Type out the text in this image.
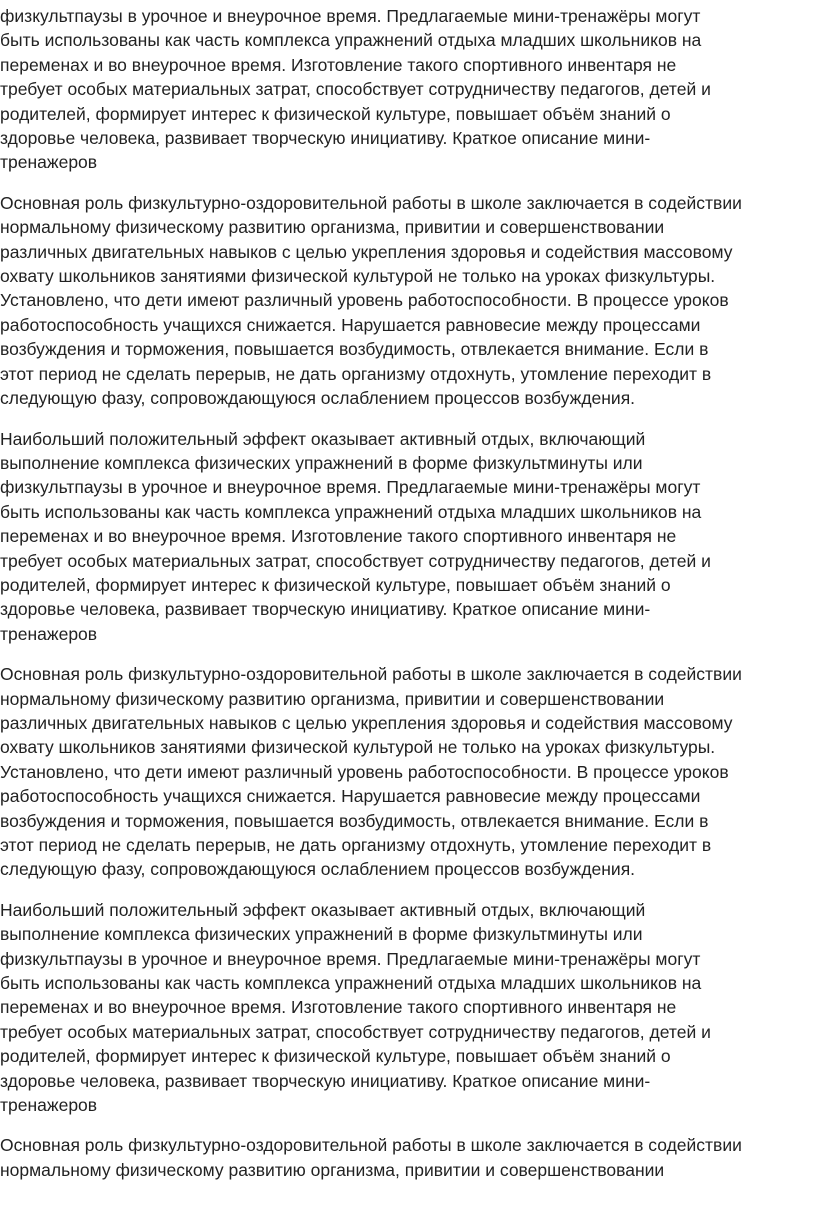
физкультпаузы в урочное и внеурочное время. Предлагаемые мини-тренажёры могут
быть использованы как часть комплекса упражнений отдыха младших школьников на
переменах и во внеурочное время. Изготовление такого спортивного инвентаря не
требует особых материальных затрат, способствует сотрудничеству педагогов, детей и
родителей, формирует интерес к физической культуре, повышает объём знаний о
здоровье человека, развивает творческую инициативу. Краткое описание мини-
тренажеров
Основная роль физкультурно-оздоровительной работы в школе заключается в содействии
нормальному физическому развитию организма, привитии и совершенствовании
различных двигательных навыков с целью укрепления здоровья и содействия массовому
охвату школьников занятиями физической культурой не только на уроках физкультуры.
Установлено, что дети имеют различный уровень работоспособности. В процессе уроков
работоспособность учащихся снижается. Нарушается равновесие между процессами
возбуждения и торможения, повышается возбудимость, отвлекается внимание. Если в
этот период не сделать перерыв, не дать организму отдохнуть, утомление переходит в
следующую фазу, сопровождающуюся ослаблением процессов возбуждения.
Наибольший положительный эффект оказывает активный отдых, включающий
выполнение комплекса физических упражнений в форме физкультминуты или
физкультпаузы в урочное и внеурочное время. Предлагаемые мини-тренажёры могут
быть использованы как часть комплекса упражнений отдыха младших школьников на
переменах и во внеурочное время. Изготовление такого спортивного инвентаря не
требует особых материальных затрат, способствует сотрудничеству педагогов, детей и
родителей, формирует интерес к физической культуре, повышает объём знаний о
здоровье человека, развивает творческую инициативу. Краткое описание мини-
тренажеров
Основная роль физкультурно-оздоровительной работы в школе заключается в содействии
нормальному физическому развитию организма, привитии и совершенствовании
различных двигательных навыков с целью укрепления здоровья и содействия массовому
охвату школьников занятиями физической культурой не только на уроках физкультуры.
Установлено, что дети имеют различный уровень работоспособности. В процессе уроков
работоспособность учащихся снижается. Нарушается равновесие между процессами
возбуждения и торможения, повышается возбудимость, отвлекается внимание. Если в
этот период не сделать перерыв, не дать организму отдохнуть, утомление переходит в
следующую фазу, сопровождающуюся ослаблением процессов возбуждения.
Наибольший положительный эффект оказывает активный отдых, включающий
выполнение комплекса физических упражнений в форме физкультминуты или
физкультпаузы в урочное и внеурочное время. Предлагаемые мини-тренажёры могут
быть использованы как часть комплекса упражнений отдыха младших школьников на
переменах и во внеурочное время. Изготовление такого спортивного инвентаря не
требует особых материальных затрат, способствует сотрудничеству педагогов, детей и
родителей, формирует интерес к физической культуре, повышает объём знаний о
здоровье человека, развивает творческую инициативу. Краткое описание мини-
тренажеров
Основная роль физкультурно-оздоровительной работы в школе заключается в содействии
нормальному физическому развитию организма, привитии и совершенствовании
